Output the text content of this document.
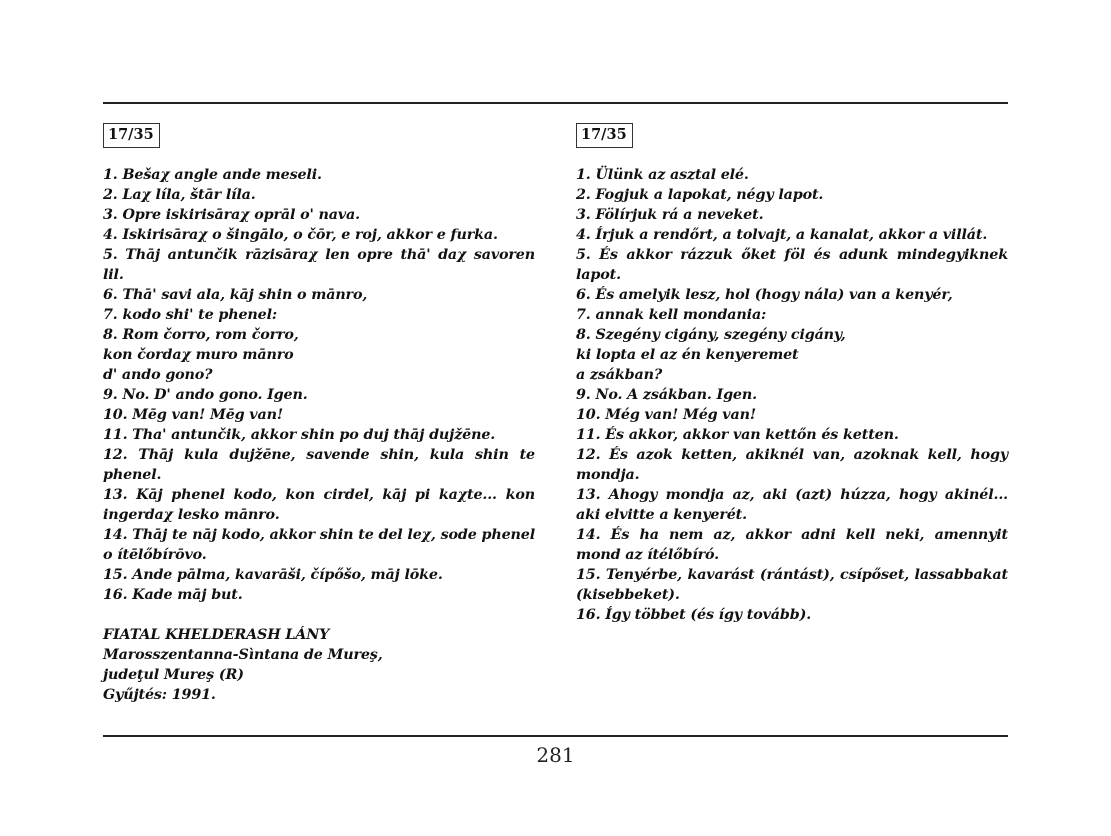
17/35
1. Bešaχ angle ande meseli.
2. Laχ líla, štār líla.
3. Opre iskirisāraχ oprāl o' nava.
4. Iskirisāraχ o šingālo, o čōr, e roj, akkor e furka.
5. Thāj antunčik rāzisāraχ len opre thā' daχ savoren lil.
6. Thā' savi ala, kāj shin o mānro,
7. kodo shi' te phenel:
8. Rom čorro, rom čorro,
kon čordaχ muro mānro
d' ando gono?
9. No. D' ando gono. Igen.
10. Mēg van! Mēg van!
11. Tha' antunčik, akkor shin po duj thāj dujžēne.
12. Thāj kula dujžēne, savende shin, kula shin te phenel.
13. Kāj phenel kodo, kon cirdel, kāj pi kaχte... kon ingerdaχ lesko mānro.
14. Thāj te nāj kodo, akkor shin te del leχ, sode phenel o ítēlőbírōvo.
15. Ande pālma, kavarāši, čípőšo, māj lōke.
16. Kade māj but.
FIATAL KHELDERASH LÁNY
Marosszentanna-Sìntana de Mureş,
judeţul Mureş (R)
Gyűjtés: 1991.
17/35
1. Ülünk az asztal elé.
2. Fogjuk a lapokat, négy lapot.
3. Fölírjuk rá a neveket.
4. Írjuk a rendőrt, a tolvajt, a kanalat, akkor a villát.
5. És akkor rázzuk őket föl és adunk mindegyiknek lapot.
6. És amelyik lesz, hol (hogy nála) van a kenyér,
7. annak kell mondania:
8. Szegény cigány, szegény cigány,
ki lopta el az én kenyeremet
a zsákban?
9. No. A zsákban. Igen.
10. Még van! Még van!
11. És akkor, akkor van kettőn és ketten.
12. És azok ketten, akiknél van, azoknak kell, hogy mondja.
13. Ahogy mondja az, aki (azt) húzza, hogy akinél... aki elvitte a kenyerét.
14. És ha nem az, akkor adni kell neki, amennyit mond az ítélőbíró.
15. Tenyérbe, kavarást (rántást), csípőset, lassabbakat (kisebbeket).
16. Így többet (és így tovább).
281
